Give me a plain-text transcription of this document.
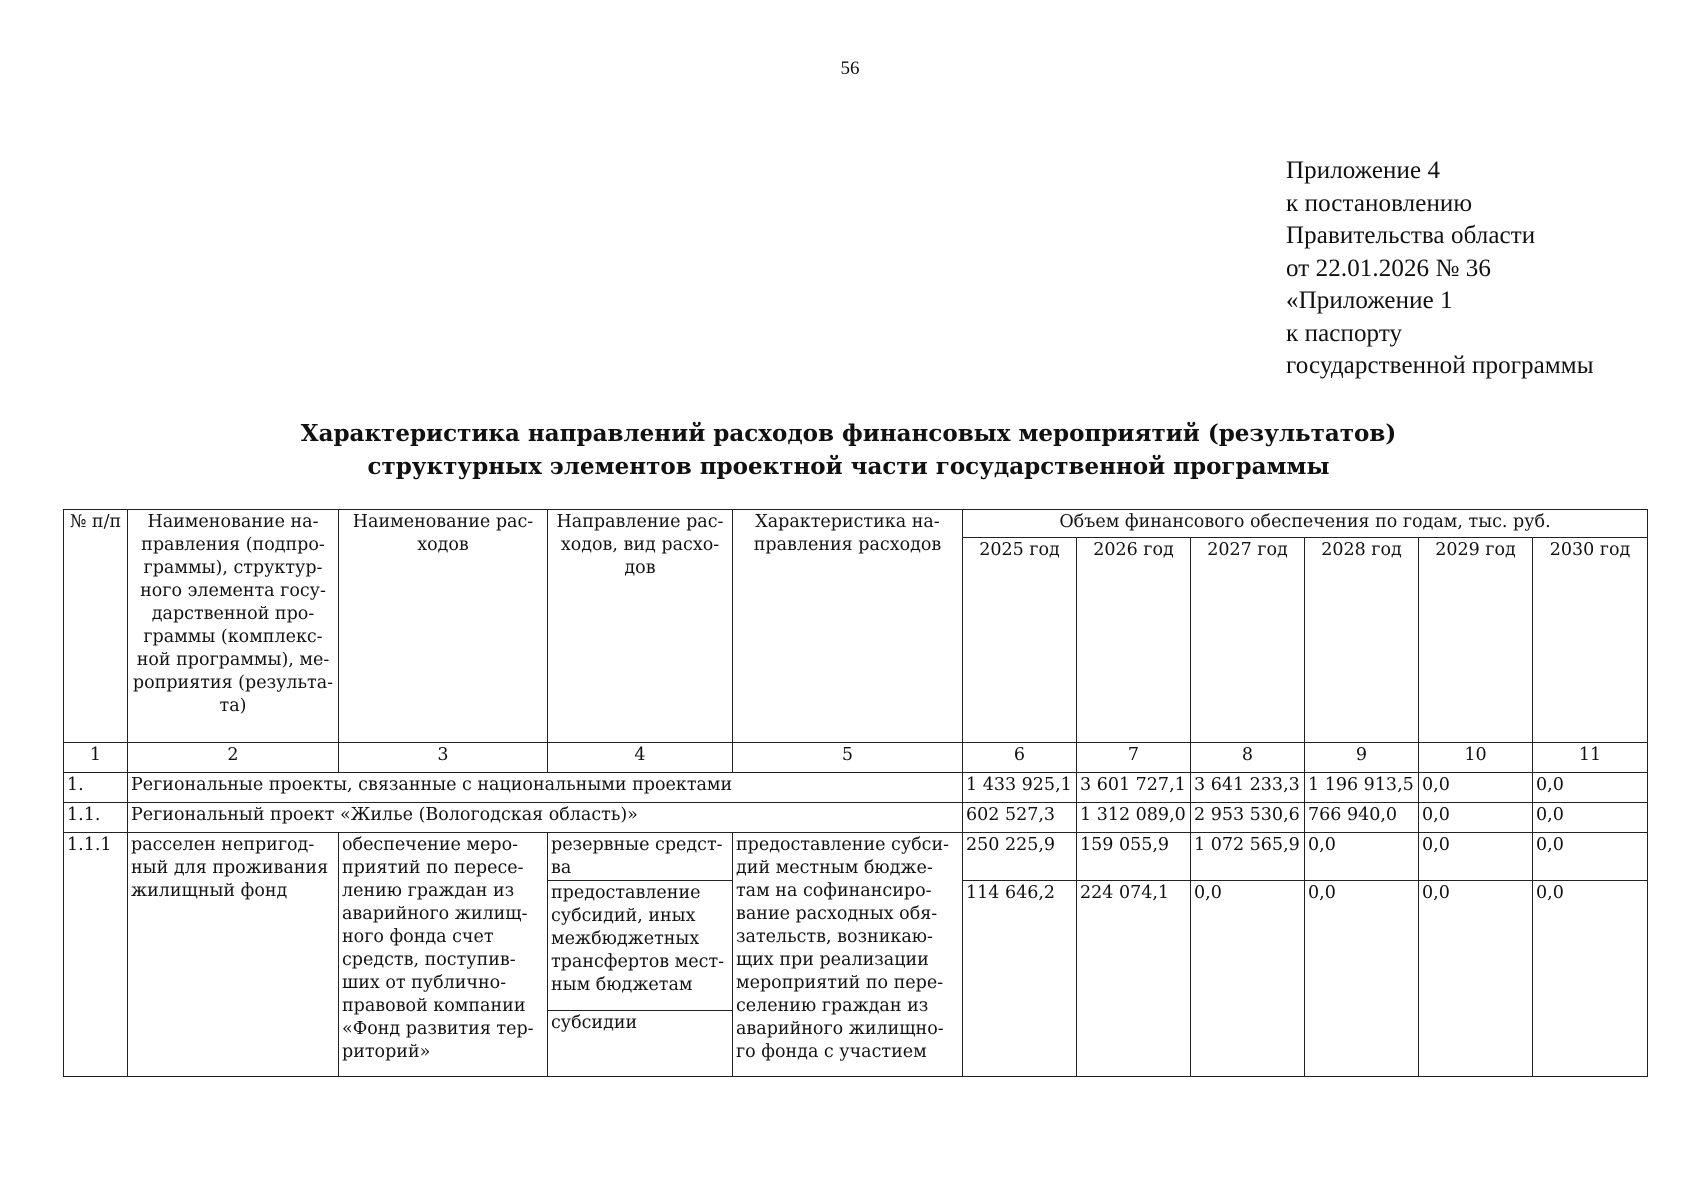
56
Приложение 4
к постановлению
Правительства области
от 22.01.2026 № 36
«Приложение 1
к паспорту
государственной программы
Характеристика направлений расходов финансовых мероприятий (результатов)
структурных элементов проектной части государственной программы
№ п/п	Наименование на-правления (подпро-граммы), структур-ного элемента госу-дарственной про-граммы (комплекс-ной программы), ме-роприятия (результа-та)	Наименование рас-ходов	Направление рас-ходов, вид расхо-дов	Характеристика на-правления расходов	Объем финансового обеспечения по годам, тыс. руб.					
					2025 год	2026 год	2027 год	2028 год	2029 год	2030 год
1	2	3	4	5	6	7	8	9	10	11
1.	Региональные проекты, связанные с национальными проектами				1 433 925,1	3 601 727,1	3 641 233,3	1 196 913,5	0,0	0,0
1.1.	Региональный проект «Жилье (Вологодская область)»				602 527,3	1 312 089,0	2 953 530,6	766 940,0	0,0	0,0
1.1.1	расселен непригод-ный для проживания жилищный фонд	обеспечение меро-приятий по пересе-лению граждан из аварийного жилищ-ного фонда счет средств, поступив-ших от публично-правовой компании «Фонд развития тер-риторий»	резервные средст-ва	предоставление субси-дий местным бюдже-там на софинансиро-вание расходных обя-зательств, возникаю-щих при реализации мероприятий по пере-селению граждан из аварийного жилищно-го фонда с участием	250 225,9	159 055,9	1 072 565,9	0,0	0,0	0,0
			предоставление субсидий, иных межбюджетных трансфертов мест-ным бюджетам		114 646,2	224 074,1	0,0	0,0	0,0	0,0
			субсидии							
